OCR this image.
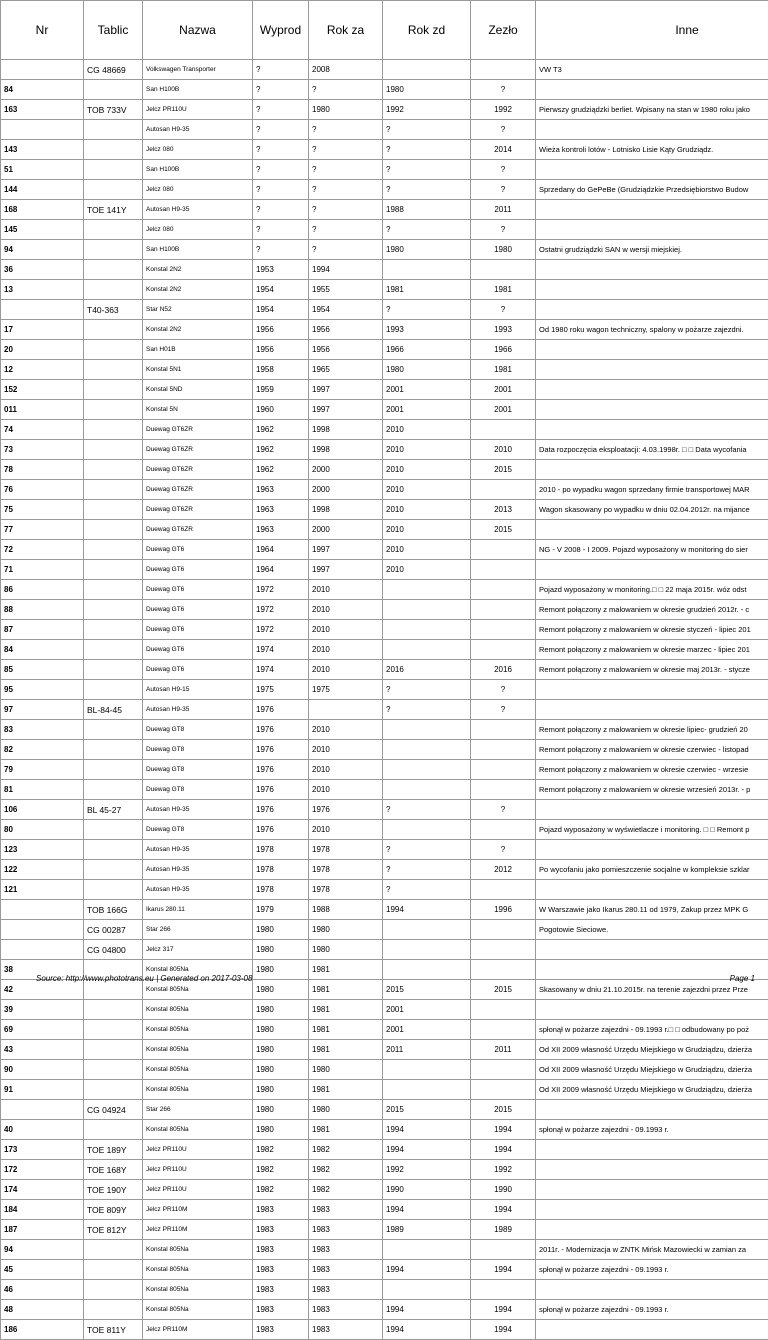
Nr	Tablic	Nazwa	Wyprod	Rok za	Rok zd	Zezło	Inne
	CG 48669	Volkswagen Transporter	?	2008			VW T3
84		San H100B	?	?	1980	?	
163	TOB 733V	Jelcz PR110U	?	1980	1992	1992	Pierwszy grudziądzki berliet. Wpisany na stan w 1980 roku jako
		Autosan H9-35	?	?	?	?	
143		Jelcz 080	?	?	?	2014	Wieża kontroli lotów - Lotnisko Lisie Kąty Grudziądz.
51		San H100B	?	?	?	?	
144		Jelcz 080	?	?	?	?	Sprzedany do GePeBe (Grudziądzkie Przedsiębiorstwo Budow
168	TOE 141Y	Autosan H9-35	?	?	1988	2011	
145		Jelcz 080	?	?	?	?	
94		San H100B	?	?	1980	1980	Ostatni grudziądzki SAN w wersji miejskiej.
36		Konstal 2N2	1953	1994			
13		Konstal 2N2	1954	1955	1981	1981	
	T40-363	Star N52	1954	1954	?	?	
17		Konstal 2N2	1956	1956	1993	1993	Od 1980 roku wagon techniczny, spalony w pożarze zajezdni.
20		San H01B	1956	1956	1966	1966	
12		Konstal 5N1	1958	1965	1980	1981	
152		Konstal 5ND	1959	1997	2001	2001	
011		Konstal 5N	1960	1997	2001	2001	
74		Duewag GT6ZR	1962	1998	2010		
73		Duewag GT6ZR	1962	1998	2010	2010	Data rozpoczęcia eksploatacji: 4.03.1998r. □ □ Data wycofania
78		Duewag GT6ZR	1962	2000	2010	2015	
76		Duewag GT6ZR	1963	2000	2010		2010 - po wypadku wagon sprzedany firmie transportowej MAR
75		Duewag GT6ZR	1963	1998	2010	2013	Wagon skasowany po wypadku w dniu 02.04.2012r. na mijance
77		Duewag GT6ZR	1963	2000	2010	2015	
72		Duewag GT6	1964	1997	2010		NG - V 2008 - I 2009. Pojazd wyposażony w monitoring do sier
71		Duewag GT6	1964	1997	2010		
86		Duewag GT6	1972	2010			Pojazd wyposażony w monitoring.□ □ 22 maja 2015r. wóz odst
88		Duewag GT6	1972	2010			Remont połączony z malowaniem w okresie grudzień 2012r. - c
87		Duewag GT6	1972	2010			Remont połączony z malowaniem w okresie styczeń - lipiec 201
84		Duewag GT6	1974	2010			Remont połączony z malowaniem w okresie marzec - lipiec 201
85		Duewag GT6	1974	2010	2016	2016	Remont połączony z malowaniem w okresie maj 2013r. - stycze
95		Autosan H9-15	1975	1975	?	?	
97	BL-84-45	Autosan H9-35	1976		?	?	
83		Duewag GT8	1976	2010			Remont połączony z malowaniem w okresie lipiec- grudzień 20
82		Duewag GT8	1976	2010			Remont połączony z malowaniem w okresie czerwiec - listopad
79		Duewag GT8	1976	2010			Remont połączony z malowaniem w okresie czerwiec - wrzesie
81		Duewag GT8	1976	2010			Remont połączony z malowaniem w okresie wrzesień 2013r. - p
106	BL 45-27	Autosan H9-35	1976	1976	?	?	
80		Duewag GT8	1976	2010			Pojazd wyposażony w wyświetlacze i monitoring. □ □ Remont p
123		Autosan H9-35	1978	1978	?	?	
122		Autosan H9-35	1978	1978	?	2012	Po wycofaniu jako pomieszczenie socjalne w kompleksie szklar
121		Autosan H9-35	1978	1978	?		
	TOB 166G	Ikarus 280.11	1979	1988	1994	1996	W Warszawie jako Ikarus 280.11 od 1979, Zakup przez MPK G
	CG 00287	Star 266	1980	1980			Pogotowie Sieciowe.
	CG 04800	Jelcz 317	1980	1980			
38		Konstal 805Na	1980	1981			
42		Konstal 805Na	1980	1981	2015	2015	Skasowany w dniu 21.10.2015r. na terenie zajezdni przez Prze
39		Konstal 805Na	1980	1981	2001		
69		Konstal 805Na	1980	1981	2001		spłonął w pożarze zajezdni - 09.1993 r.□ □ odbudowany po poż
43		Konstal 805Na	1980	1981	2011	2011	Od XII 2009 własność Urzędu Miejskiego w Grudziądzu, dzierża
90		Konstal 805Na	1980	1980			Od XII 2009 własność Urzędu Miejskiego w Grudziądzu, dzierża
91		Konstal 805Na	1980	1981			Od XII 2009 własność Urzędu Miejskiego w Grudziądzu, dzierża
	CG 04924	Star 266	1980	1980	2015	2015	
40		Konstal 805Na	1980	1981	1994	1994	spłonął w pożarze zajezdni - 09.1993 r.
173	TOE 189Y	Jelcz PR110U	1982	1982	1994	1994	
172	TOE 168Y	Jelcz PR110U	1982	1982	1992	1992	
174	TOE 190Y	Jelcz PR110U	1982	1982	1990	1990	
184	TOE 809Y	Jelcz PR110M	1983	1983	1994	1994	
187	TOE 812Y	Jelcz PR110M	1983	1983	1989	1989	
94		Konstal 805Na	1983	1983			2011r. - Modernizacja w ZNTK Mińsk Mazowiecki w zamian za
45		Konstal 805Na	1983	1983	1994	1994	spłonął w pożarze zajezdni - 09.1993 r.
46		Konstal 805Na	1983	1983			
48		Konstal 805Na	1983	1983	1994	1994	spłonął w pożarze zajezdni - 09.1993 r.
186	TOE 811Y	Jelcz PR110M	1983	1983	1994	1994	
Source: http://www.phototrans.eu | Generated on 2017-03-08	Page 1
